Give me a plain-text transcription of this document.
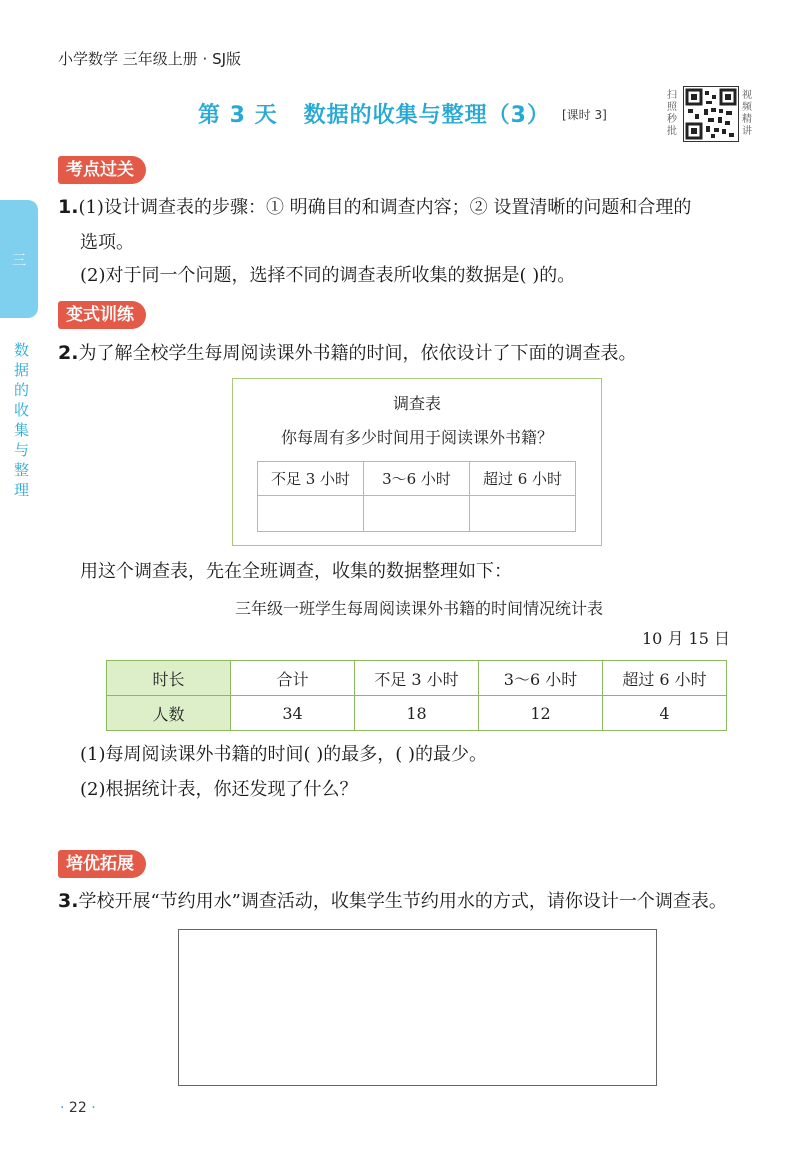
小学数学 三年级上册 · SJ版
第 3 天 数据的收集与整理（3） [课时 3]
扫照秒批
视频精讲
三
数据的收集与整理
考点过关
1.(1)设计调查表的步骤：① 明确目的和调查内容；② 设置清晰的问题和合理的
选项。
(2)对于同一个问题，选择不同的调查表所收集的数据是( )的。
变式训练
2.为了解全校学生每周阅读课外书籍的时间，依依设计了下面的调查表。
调查表
你每周有多少时间用于阅读课外书籍？
不足 3 小时	3～6 小时	超过 6 小时

用这个调查表，先在全班调查，收集的数据整理如下：
三年级一班学生每周阅读课外书籍的时间情况统计表
10 月 15 日
时长	合计	不足 3 小时	3～6 小时	超过 6 小时
人数	34	18	12	4
(1)每周阅读课外书籍的时间( )的最多，( )的最少。
(2)根据统计表，你还发现了什么？
培优拓展
3.学校开展“节约用水”调查活动，收集学生节约用水的方式，请你设计一个调查表。
· 22 ·
